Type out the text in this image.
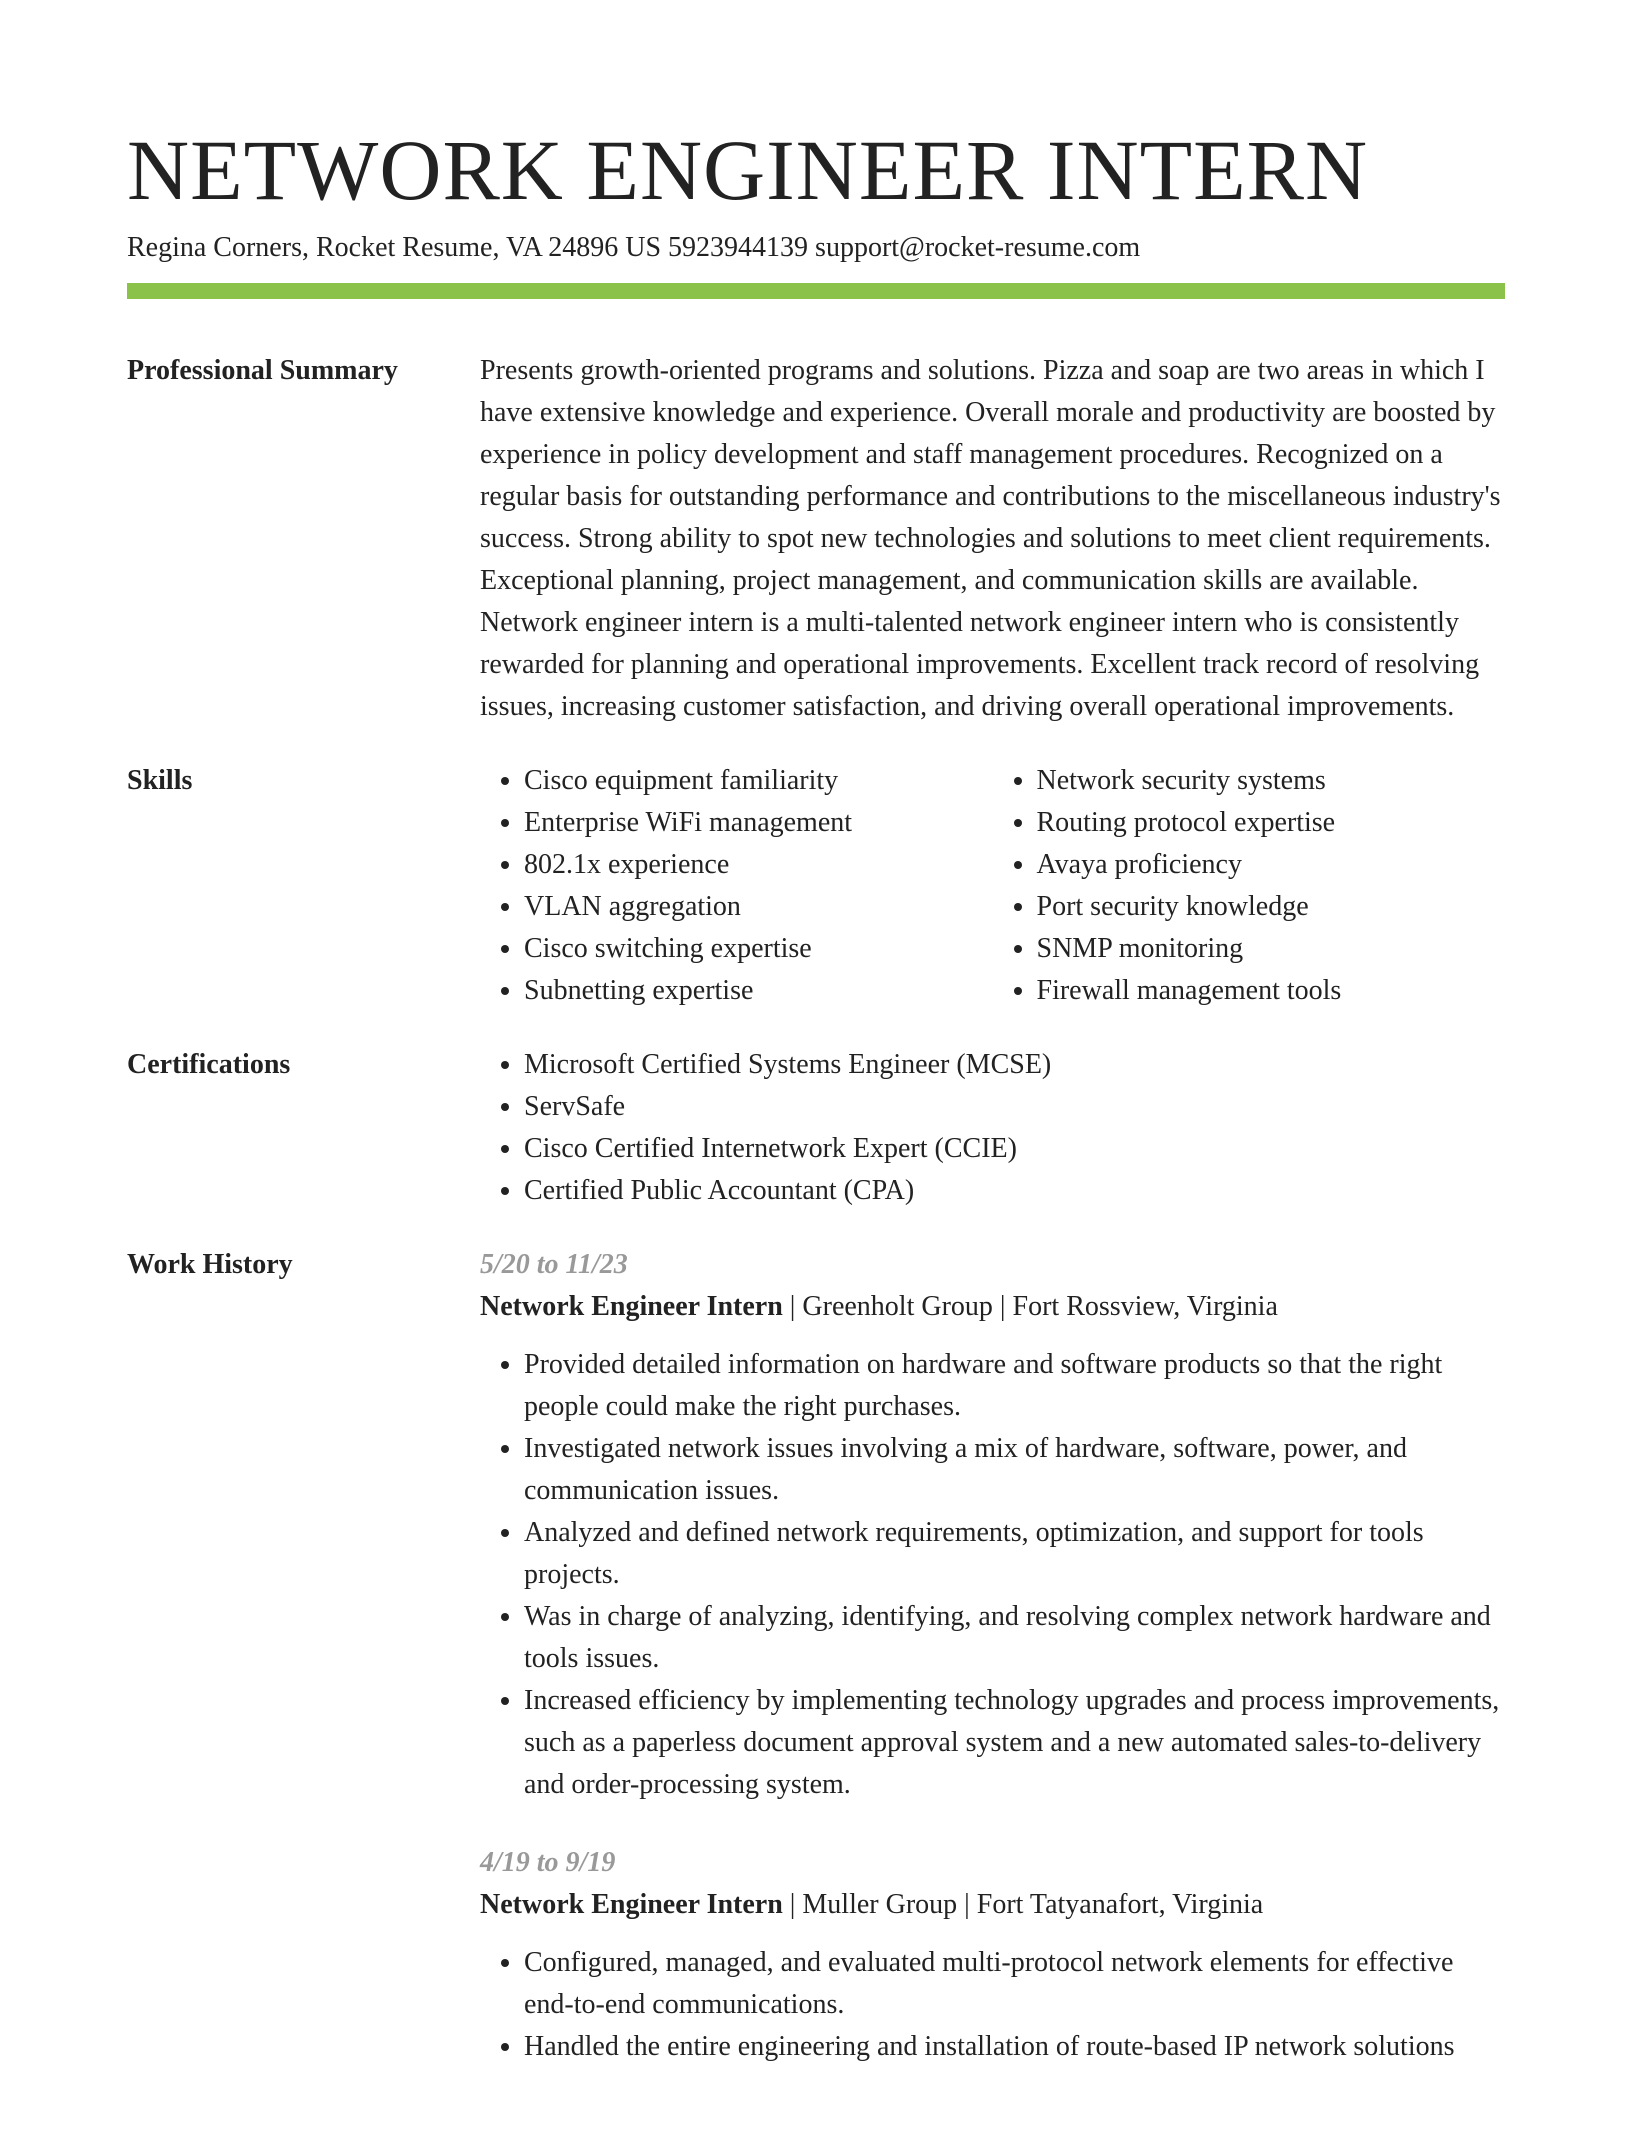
NETWORK ENGINEER INTERN
Regina Corners, Rocket Resume, VA 24896 US 5923944139 support@rocket-resume.com
Professional Summary	Presents growth-oriented programs and solutions. Pizza and soap are two areas in which I have extensive knowledge and experience. Overall morale and productivity are boosted by experience in policy development and staff management procedures. Recognized on a regular basis for outstanding performance and contributions to the miscellaneous industry's success. Strong ability to spot new technologies and solutions to meet client requirements. Exceptional planning, project management, and communication skills are available. Network engineer intern is a multi-talented network engineer intern who is consistently rewarded for planning and operational improvements. Excellent track record of resolving issues, increasing customer satisfaction, and driving overall operational improvements.

Skills	• Cisco equipment familiarity
• Enterprise WiFi management
• 802.1x experience
• VLAN aggregation
• Cisco switching expertise
• Subnetting expertise
• Network security systems
• Routing protocol expertise
• Avaya proficiency
• Port security knowledge
• SNMP monitoring
• Firewall management tools
Certifications	• Microsoft Certified Systems Engineer (MCSE)
• ServSafe
• Cisco Certified Internetwork Expert (CCIE)
• Certified Public Accountant (CPA)
Work History	5/20 to 11/23
Network Engineer Intern | Greenholt Group | Fort Rossview, Virginia
• Provided detailed information on hardware and software products so that the right people could make the right purchases.
• Investigated network issues involving a mix of hardware, software, power, and communication issues.
• Analyzed and defined network requirements, optimization, and support for tools projects.
• Was in charge of analyzing, identifying, and resolving complex network hardware and tools issues.
• Increased efficiency by implementing technology upgrades and process improvements, such as a paperless document approval system and a new automated sales-to-delivery and order-processing system.
4/19 to 9/19
Network Engineer Intern | Muller Group | Fort Tatyanafort, Virginia
• Configured, managed, and evaluated multi-protocol network elements for effective end-to-end communications.
• Handled the entire engineering and installation of route-based IP network solutions
